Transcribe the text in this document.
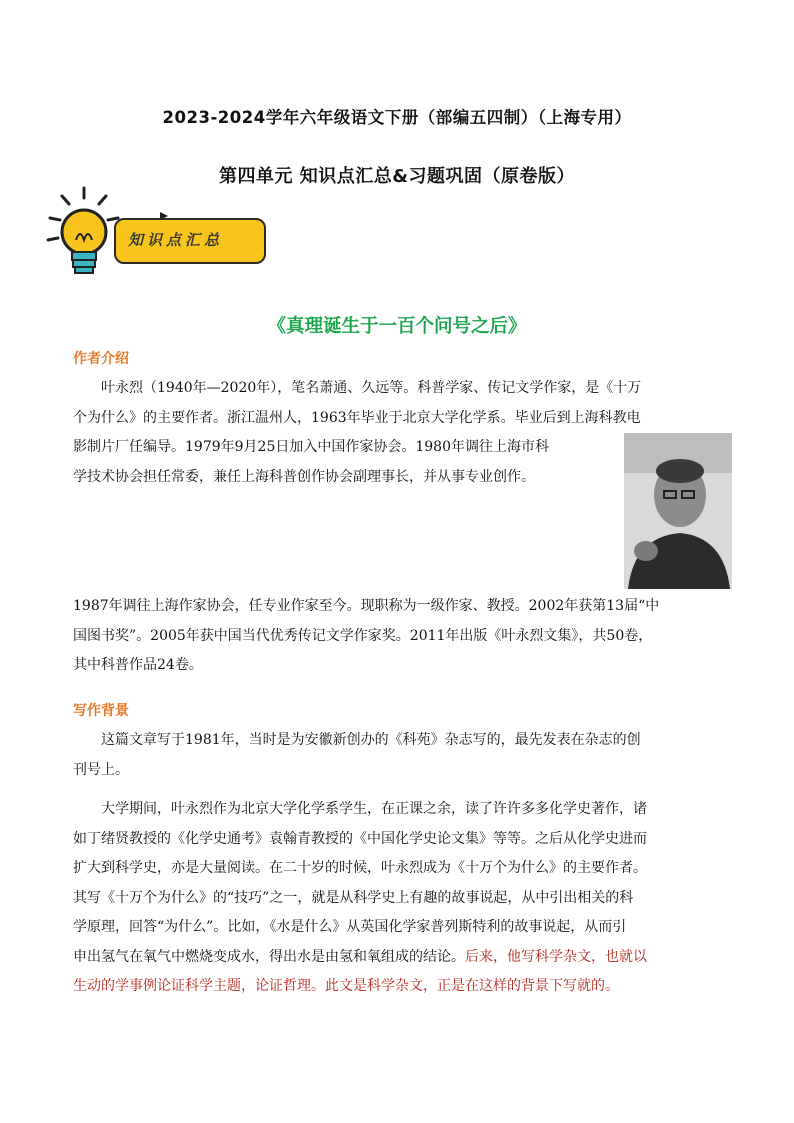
2023-2024学年六年级语文下册（部编五四制）（上海专用）
第四单元 知识点汇总&习题巩固（原卷版）
知识点汇总
《真理诞生于一百个问号之后》
作者介绍
叶永烈（1940年—2020年），笔名萧通、久远等。科普学家、传记文学作家，是《十万
个为什么》的主要作者。浙江温州人，1963年毕业于北京大学化学系。毕业后到上海科教电
影制片厂任编导。1979年9月25日加入中国作家协会。1980年调往上海市科
学技术协会担任常委，兼任上海科普创作协会副理事长，并从事专业创作。
1987年调往上海作家协会，任专业作家至今。现职称为一级作家、教授。2002年获第13届“中
国图书奖”。2005年获中国当代优秀传记文学作家奖。2011年出版《叶永烈文集》，共50卷，
其中科普作品24卷。
写作背景
这篇文章写于1981年，当时是为安徽新创办的《科苑》杂志写的，最先发表在杂志的创
刊号上。
大学期间，叶永烈作为北京大学化学系学生，在正课之余，读了许许多多化学史著作，诸
如丁绪贤教授的《化学史通考》袁翰青教授的《中国化学史论文集》等等。之后从化学史进而
扩大到科学史，亦是大量阅读。在二十岁的时候，叶永烈成为《十万个为什么》的主要作者。
其写《十万个为什么》的“技巧”之一，就是从科学史上有趣的故事说起，从中引出相关的科
学原理，回答“为什么”。比如，《水是什么》从英国化学家普列斯特利的故事说起，从而引
申出氢气在氧气中燃烧变成水，得出水是由氢和氧组成的结论。后来，他写科学杂文，也就以
生动的学事例论证科学主题，论证哲理。此文是科学杂文，正是在这样的背景下写就的。
